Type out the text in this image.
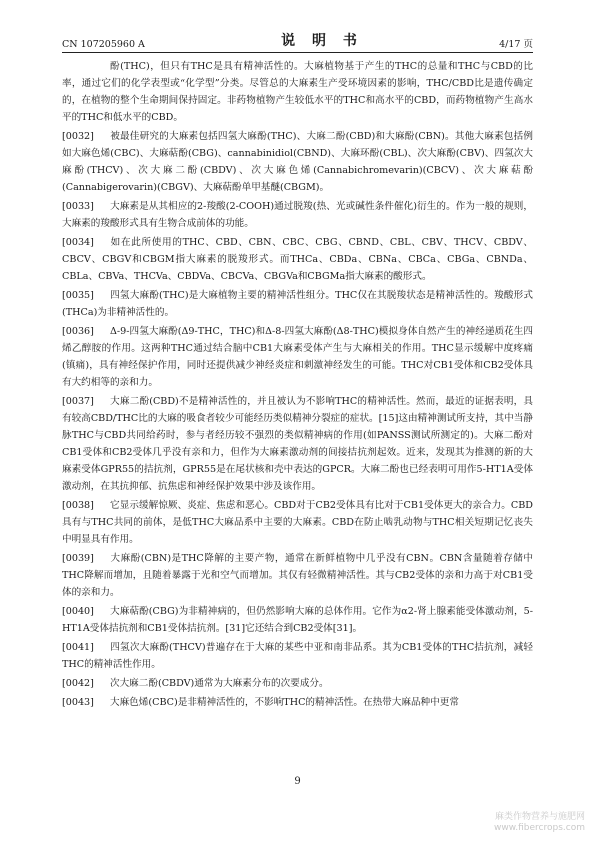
CN 107205960 A	说 明 书	4/17 页

酚(THC)，但只有THC是具有精神活性的。大麻植物基于产生的THC的总量和THC与CBD的比率，通过它们的化学表型或“化学型”分类。尽管总的大麻素生产受环境因素的影响，THC/CBD比是遗传确定的，在植物的整个生命期间保持固定。非药物植物产生较低水平的THC和高水平的CBD，而药物植物产生高水平的THC和低水平的CBD。

[0032] 被最佳研究的大麻素包括四氢大麻酚(THC)、大麻二酚(CBD)和大麻酚(CBN)。其他大麻素包括例如大麻色烯(CBC)、大麻萜酚(CBG)、cannabinidiol(CBND)、大麻环酚(CBL)、次大麻酚(CBV)、四氢次大麻酚(THCV)、次大麻二酚(CBDV)、次大麻色烯(Cannabichromevarin)(CBCV)、次大麻萜酚(Cannabigerovarin)(CBGV)、大麻萜酚单甲基醚(CBGM)。

[0033] 大麻素是从其相应的2-羧酸(2-COOH)通过脱羧(热、光或碱性条件催化)衍生的。作为一般的规则，大麻素的羧酸形式具有生物合成前体的功能。

[0034] 如在此所使用的THC、CBD、CBN、CBC、CBG、CBND、CBL、CBV、THCV、CBDV、CBCV、CBGV和CBGM指大麻素的脱羧形式。而THCa、CBDa、CBNa、CBCa、CBGa、CBNDa、CBLa、CBVa、THCVa、CBDVa、CBCVa、CBGVa和CBGMa指大麻素的酸形式。

[0035] 四氢大麻酚(THC)是大麻植物主要的精神活性组分。THC仅在其脱羧状态是精神活性的。羧酸形式(THCa)为非精神活性的。

[0036] Δ-9-四氢大麻酚(Δ9-THC，THC)和Δ-8-四氢大麻酚(Δ8-THC)模拟身体自然产生的神经递质花生四烯乙醇胺的作用。这两种THC通过结合脑中CB1大麻素受体产生与大麻相关的作用。THC显示缓解中度疼痛(镇痛)，具有神经保护作用，同时还提供减少神经炎症和刺激神经发生的可能。THC对CB1受体和CB2受体具有大约相等的亲和力。

[0037] 大麻二酚(CBD)不是精神活性的，并且被认为不影响THC的精神活性。然而，最近的证据表明，具有较高CBD/THC比的大麻的吸食者较少可能经历类似精神分裂症的症状。[15]这由精神测试所支持，其中当静脉THC与CBD共同给药时，参与者经历较不强烈的类似精神病的作用(如PANSS测试所测定的)。大麻二酚对CB1受体和CB2受体几乎没有亲和力，但作为大麻素激动剂的间接拮抗剂起效。近来，发现其为推测的新的大麻素受体GPR55的拮抗剂，GPR55是在尾状核和壳中表达的GPCR。大麻二酚也已经表明可用作5-HT1A受体激动剂，在其抗抑郁、抗焦虑和神经保护效果中涉及该作用。

[0038] 它显示缓解惊厥、炎症、焦虑和恶心。CBD对于CB2受体具有比对于CB1受体更大的亲合力。CBD具有与THC共同的前体，是低THC大麻品系中主要的大麻素。CBD在防止啮乳动物与THC相关短期记忆丧失中明显具有作用。

[0039] 大麻酚(CBN)是THC降解的主要产物，通常在新鲜植物中几乎没有CBN。CBN含量随着存储中THC降解而增加，且随着暴露于光和空气而增加。其仅有轻微精神活性。其与CB2受体的亲和力高于对CB1受体的亲和力。

[0040] 大麻萜酚(CBG)为非精神病的，但仍然影响大麻的总体作用。它作为α2-肾上腺素能受体激动剂，5-HT1A受体拮抗剂和CB1受体拮抗剂。[31]它还结合到CB2受体[31]。

[0041] 四氢次大麻酚(THCV)普遍存在于大麻的某些中亚和南非品系。其为CB1受体的THC拮抗剂，减轻THC的精神活性作用。

[0042] 次大麻二酚(CBDV)通常为大麻素分布的次要成分。

[0043] 大麻色烯(CBC)是非精神活性的，不影响THC的精神活性。在热带大麻品种中更常

9
麻类作物营养与施肥网
www.fibercrops.com
